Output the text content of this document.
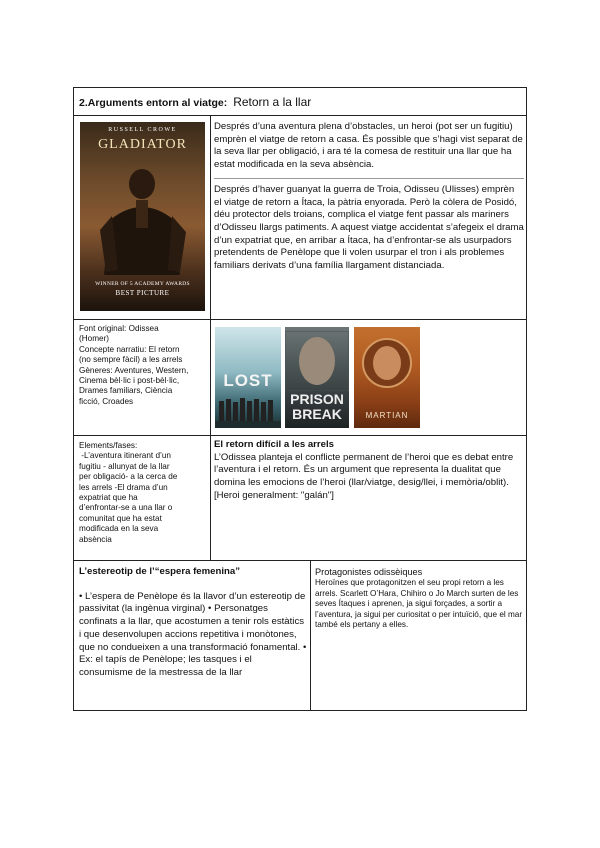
2.Arguments entorn al viatge: Retorn a la llar
RUSSELL CROWE
GLADIATOR
WINNER OF 5 ACADEMY AWARDS
BEST PICTURE

Després d’una aventura plena d’obstacles, un heroi (pot ser un fugitiu) emprèn el viatge de retorn a casa. És possible que s’hagi vist separat de la seva llar per obligació, i ara té la comesa de restituir una llar que ha estat modificada en la seva absència.

Després d’haver guanyat la guerra de Troia, Odisseu (Ulisses) emprèn el viatge de retorn a Ítaca, la pàtria enyorada. Però la còlera de Posidó, déu protector dels troians, complica el viatge fent passar als mariners d’Odisseu llargs patiments. A aquest viatge accidentat s’afegeix el drama d’un expatriat que, en arribar a Ítaca, ha d’enfrontar-se als usurpadors pretendents de Penèlope que li volen usurpar el tron i als problemes familiars derivats d’una família llargament distanciada.

Font original: Odissea
(Homer)
Concepte narratiu: El retorn
(no sempre fàcil) a les arrels
Gèneres: Aventures, Western,
Cinema bèl·lic i post-bèl·lic,
Drames familiars, Ciència
ficció, Croades
LOST
PRISON
BREAK	MARTIAN
Elements/fases:
-L’aventura itinerant d’un
fugitiu - allunyat de la llar
per obligació- a la cerca de
les arrels -El drama d’un
expatriat que ha
d’enfrontar-se a una llar o
comunitat que ha estat
modificada en la seva
absència

El retorn difícil a les arrels

L’Odissea planteja el conflicte permanent de l’heroi que es debat entre l’aventura i el retorn. És un argument que representa la dualitat que domina les emocions de l’heroi (llar/viatge, desig/llei, i memòria/oblit). [Heroi generalment: "galán"]

L’estereotip de l’“espera femenina”

• L’espera de Penèlope és la llavor d’un estereotip de passivitat (la ingènua virginal) • Personatges confinats a la llar, que acostumen a tenir rols estàtics i que desenvolupen accions repetitiva i monòtones, que no condueixen a una transformació fonamental. • Ex: el tapís de Penèlope; les tasques i el consumisme de la mestressa de la llar

Protagonistes odissèiques

Heroïnes que protagonitzen el seu propi retorn a les arrels. Scarlett O’Hara, Chihiro o Jo March surten de les seves Ítaques i aprenen, ja sigui forçades, a sortir a l’aventura, ja sigui per curiositat o per intuïció, que el mar també els pertany a elles.
